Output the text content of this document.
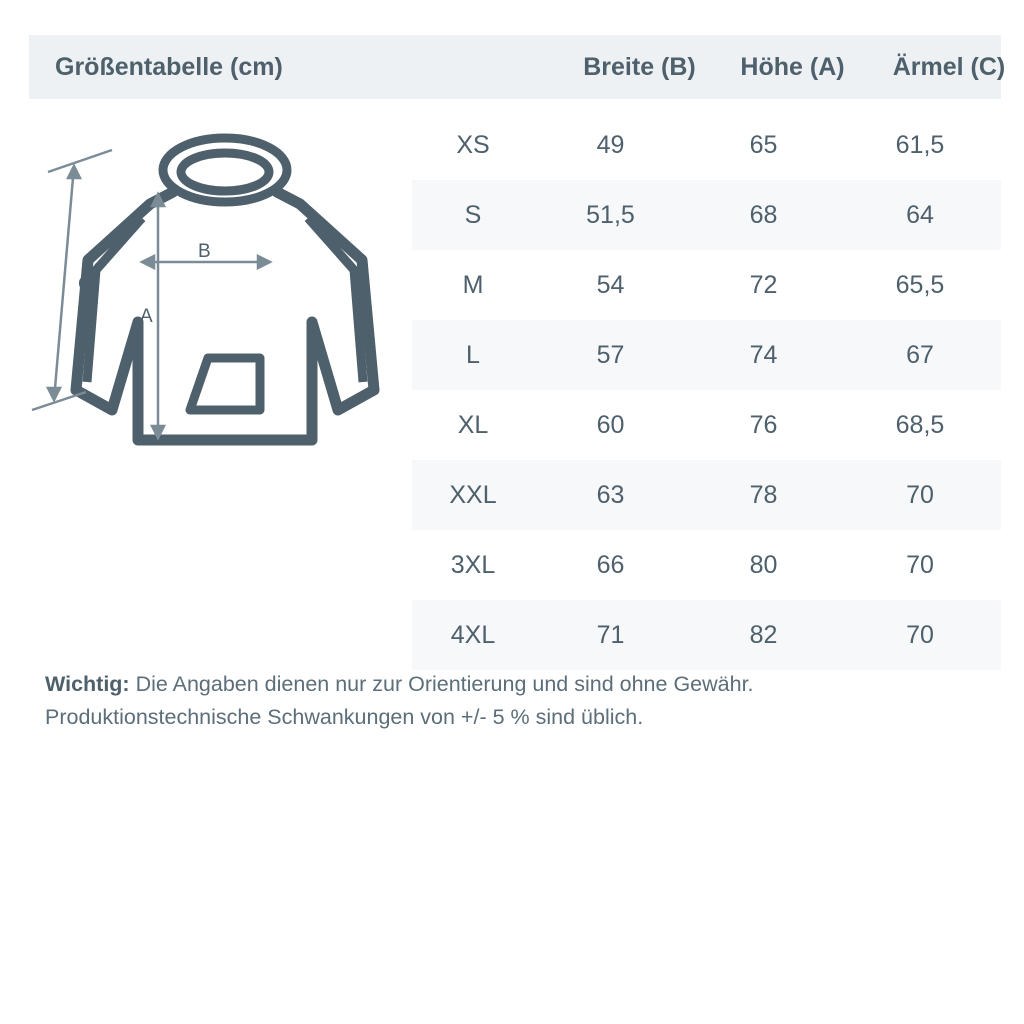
Größentabelle (cm)	Breite (B)	Höhe (A)	Ärmel (C)
XS	49	65	61,5
S	51,5	68	64
M	54	72	65,5
L	57	74	67
XL	60	76	68,5
XXL	63	78	70
3XL	66	80	70
4XL	71	82	70
C
B
A
Wichtig: Die Angaben dienen nur zur Orientierung und sind ohne Gewähr.
Produktionstechnische Schwankungen von +/- 5 % sind üblich.
